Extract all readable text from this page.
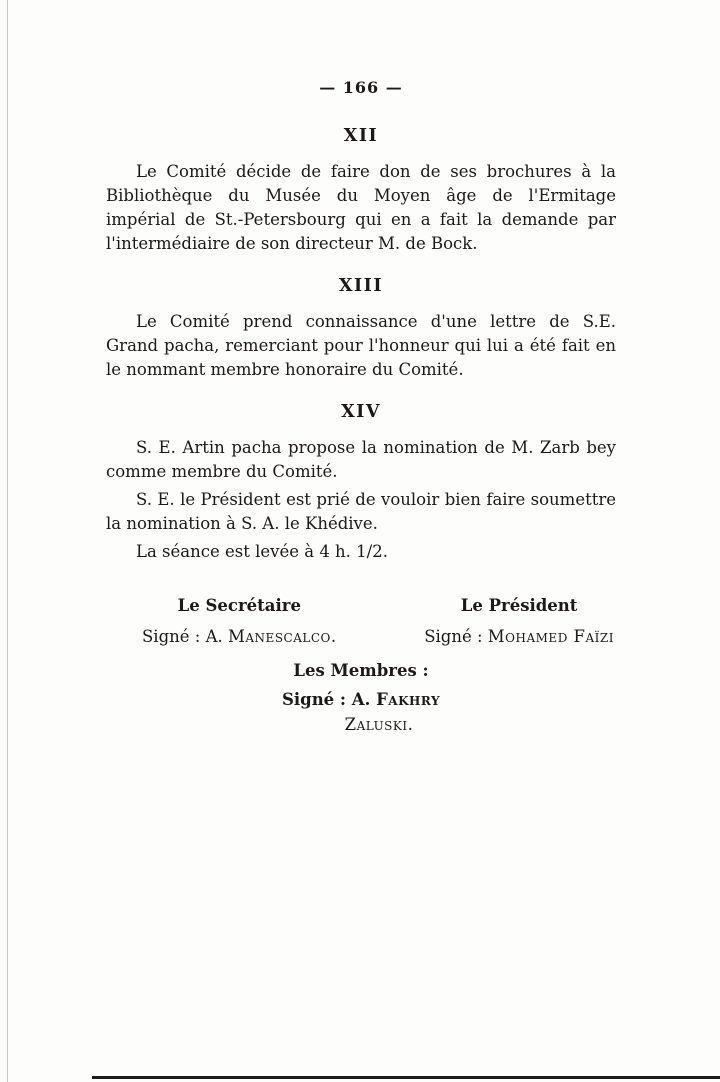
— 166 —
XII

Le Comité décide de faire don de ses brochures à la Bibliothèque du Musée du Moyen âge de l'Ermitage impérial de St.-Petersbourg qui en a fait la demande par l'intermédiaire de son directeur M. de Bock.

XIII

Le Comité prend connaissance d'une lettre de S.E. Grand pacha, remerciant pour l'honneur qui lui a été fait en le nommant membre honoraire du Comité.

XIV

S. E. Artin pacha propose la nomination de M. Zarb bey comme membre du Comité.

S. E. le Président est prié de vouloir bien faire soumettre la nomination à S. A. le Khédive.

La séance est levée à 4 h. 1/2.

Le Secrétaire
Signé : A. Manescalco.
Le Président
Signé : Mohamed Faïzi
Les Membres :
Signé : A. Fakhry
Zaluski.
